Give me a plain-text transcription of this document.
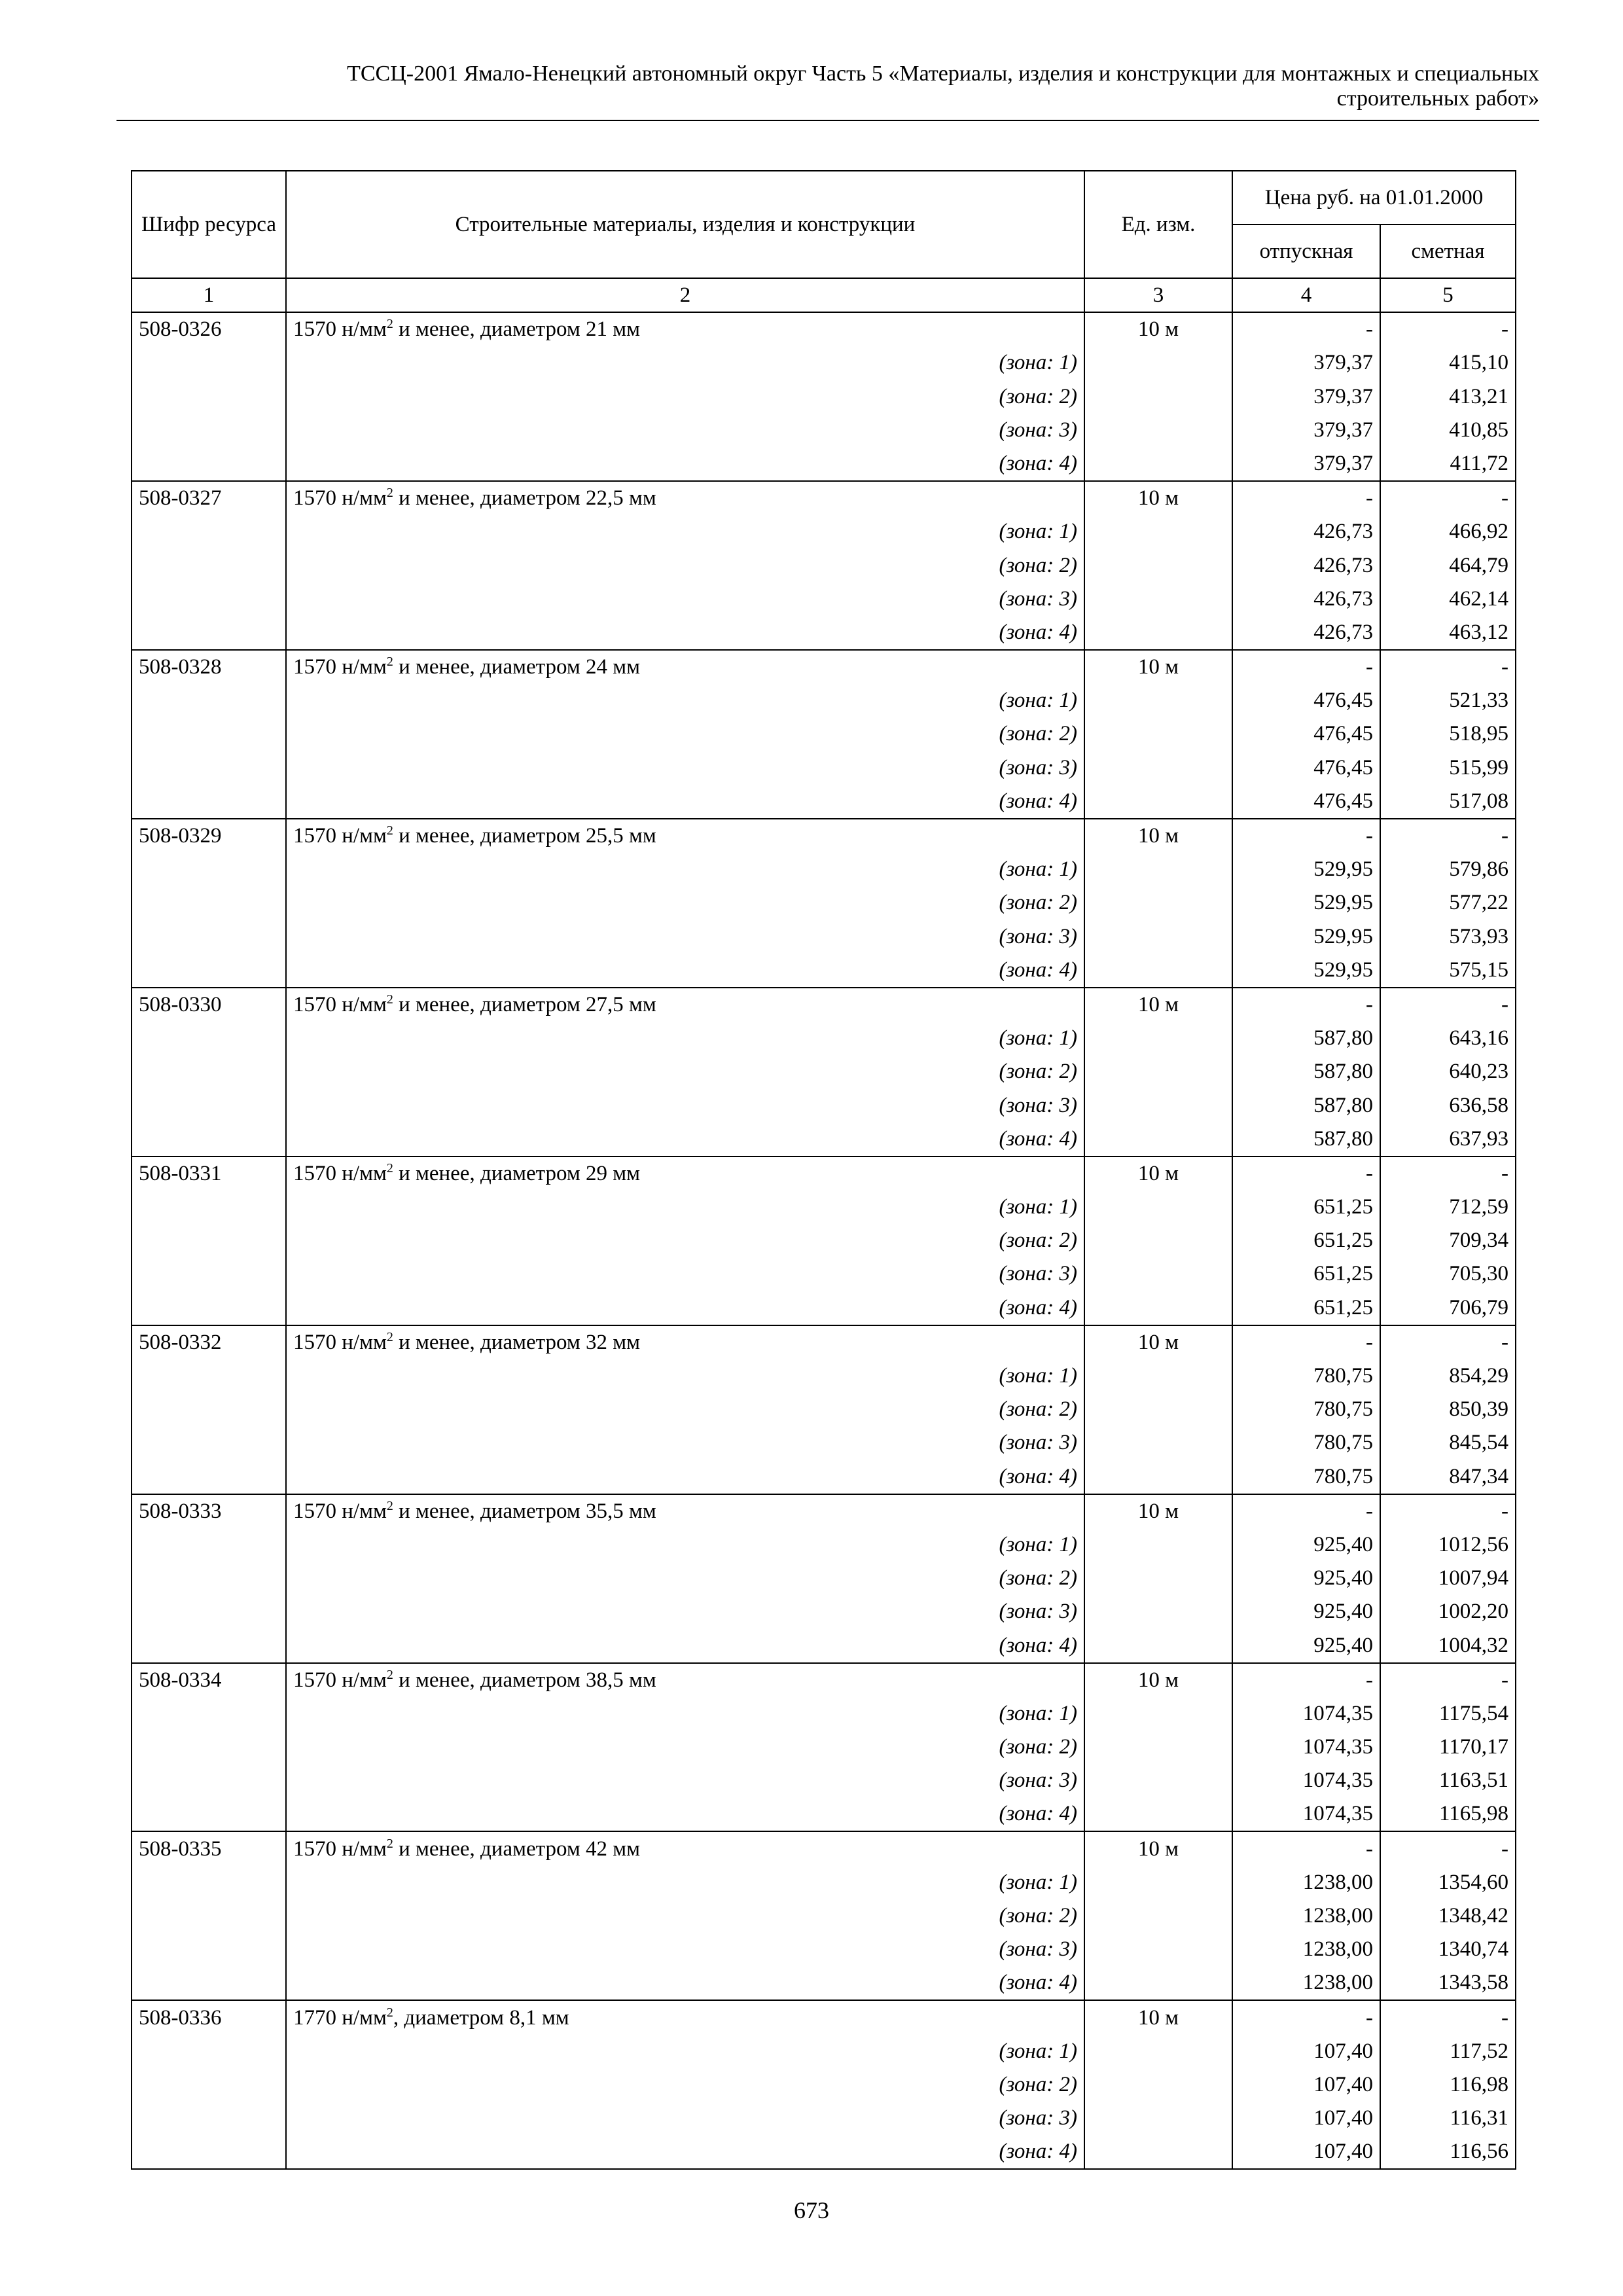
ТССЦ-2001 Ямало-Ненецкий автономный округ Часть 5 «Материалы, изделия и конструкции для монтажных и специальных
строительных работ»
Шифр ресурса	Строительные материалы, изделия и конструкции	Ед. изм.	Цена руб. на 01.01.2000	
			отпускная	сметная
1	2	3	4	5
508-0326	1570 $н/мм^2$ и менее, диаметром 21 мм	10 м	-	-
	(зона: 1)		379,37	415,10
	(зона: 2)		379,37	413,21
	(зона: 3)		379,37	410,85
	(зона: 4)		379,37	411,72
508-0327	1570 $н/мм^2$ и менее, диаметром 22,5 мм	10 м	-	-
	(зона: 1)		426,73	466,92
	(зона: 2)		426,73	464,79
	(зона: 3)		426,73	462,14
	(зона: 4)		426,73	463,12
508-0328	1570 $н/мм^2$ и менее, диаметром 24 мм	10 м	-	-
	(зона: 1)		476,45	521,33
	(зона: 2)		476,45	518,95
	(зона: 3)		476,45	515,99
	(зона: 4)		476,45	517,08
508-0329	1570 $н/мм^2$ и менее, диаметром 25,5 мм	10 м	-	-
	(зона: 1)		529,95	579,86
	(зона: 2)		529,95	577,22
	(зона: 3)		529,95	573,93
	(зона: 4)		529,95	575,15
508-0330	1570 $н/мм^2$ и менее, диаметром 27,5 мм	10 м	-	-
	(зона: 1)		587,80	643,16
	(зона: 2)		587,80	640,23
	(зона: 3)		587,80	636,58
	(зона: 4)		587,80	637,93
508-0331	1570 $н/мм^2$ и менее, диаметром 29 мм	10 м	-	-
	(зона: 1)		651,25	712,59
	(зона: 2)		651,25	709,34
	(зона: 3)		651,25	705,30
	(зона: 4)		651,25	706,79
508-0332	1570 $н/мм^2$ и менее, диаметром 32 мм	10 м	-	-
	(зона: 1)		780,75	854,29
	(зона: 2)		780,75	850,39
	(зона: 3)		780,75	845,54
	(зона: 4)		780,75	847,34
508-0333	1570 $н/мм^2$ и менее, диаметром 35,5 мм	10 м	-	-
	(зона: 1)		925,40	1012,56
	(зона: 2)		925,40	1007,94
	(зона: 3)		925,40	1002,20
	(зона: 4)		925,40	1004,32
508-0334	1570 $н/мм^2$ и менее, диаметром 38,5 мм	10 м	-	-
	(зона: 1)		1074,35	1175,54
	(зона: 2)		1074,35	1170,17
	(зона: 3)		1074,35	1163,51
	(зона: 4)		1074,35	1165,98
508-0335	1570 $н/мм^2$ и менее, диаметром 42 мм	10 м	-	-
	(зона: 1)		1238,00	1354,60
	(зона: 2)		1238,00	1348,42
	(зона: 3)		1238,00	1340,74
	(зона: 4)		1238,00	1343,58
508-0336	1770 $н/мм^2$, диаметром 8,1 мм	10 м	-	-
	(зона: 1)		107,40	117,52
	(зона: 2)		107,40	116,98
	(зона: 3)		107,40	116,31
	(зона: 4)		107,40	116,56
673
